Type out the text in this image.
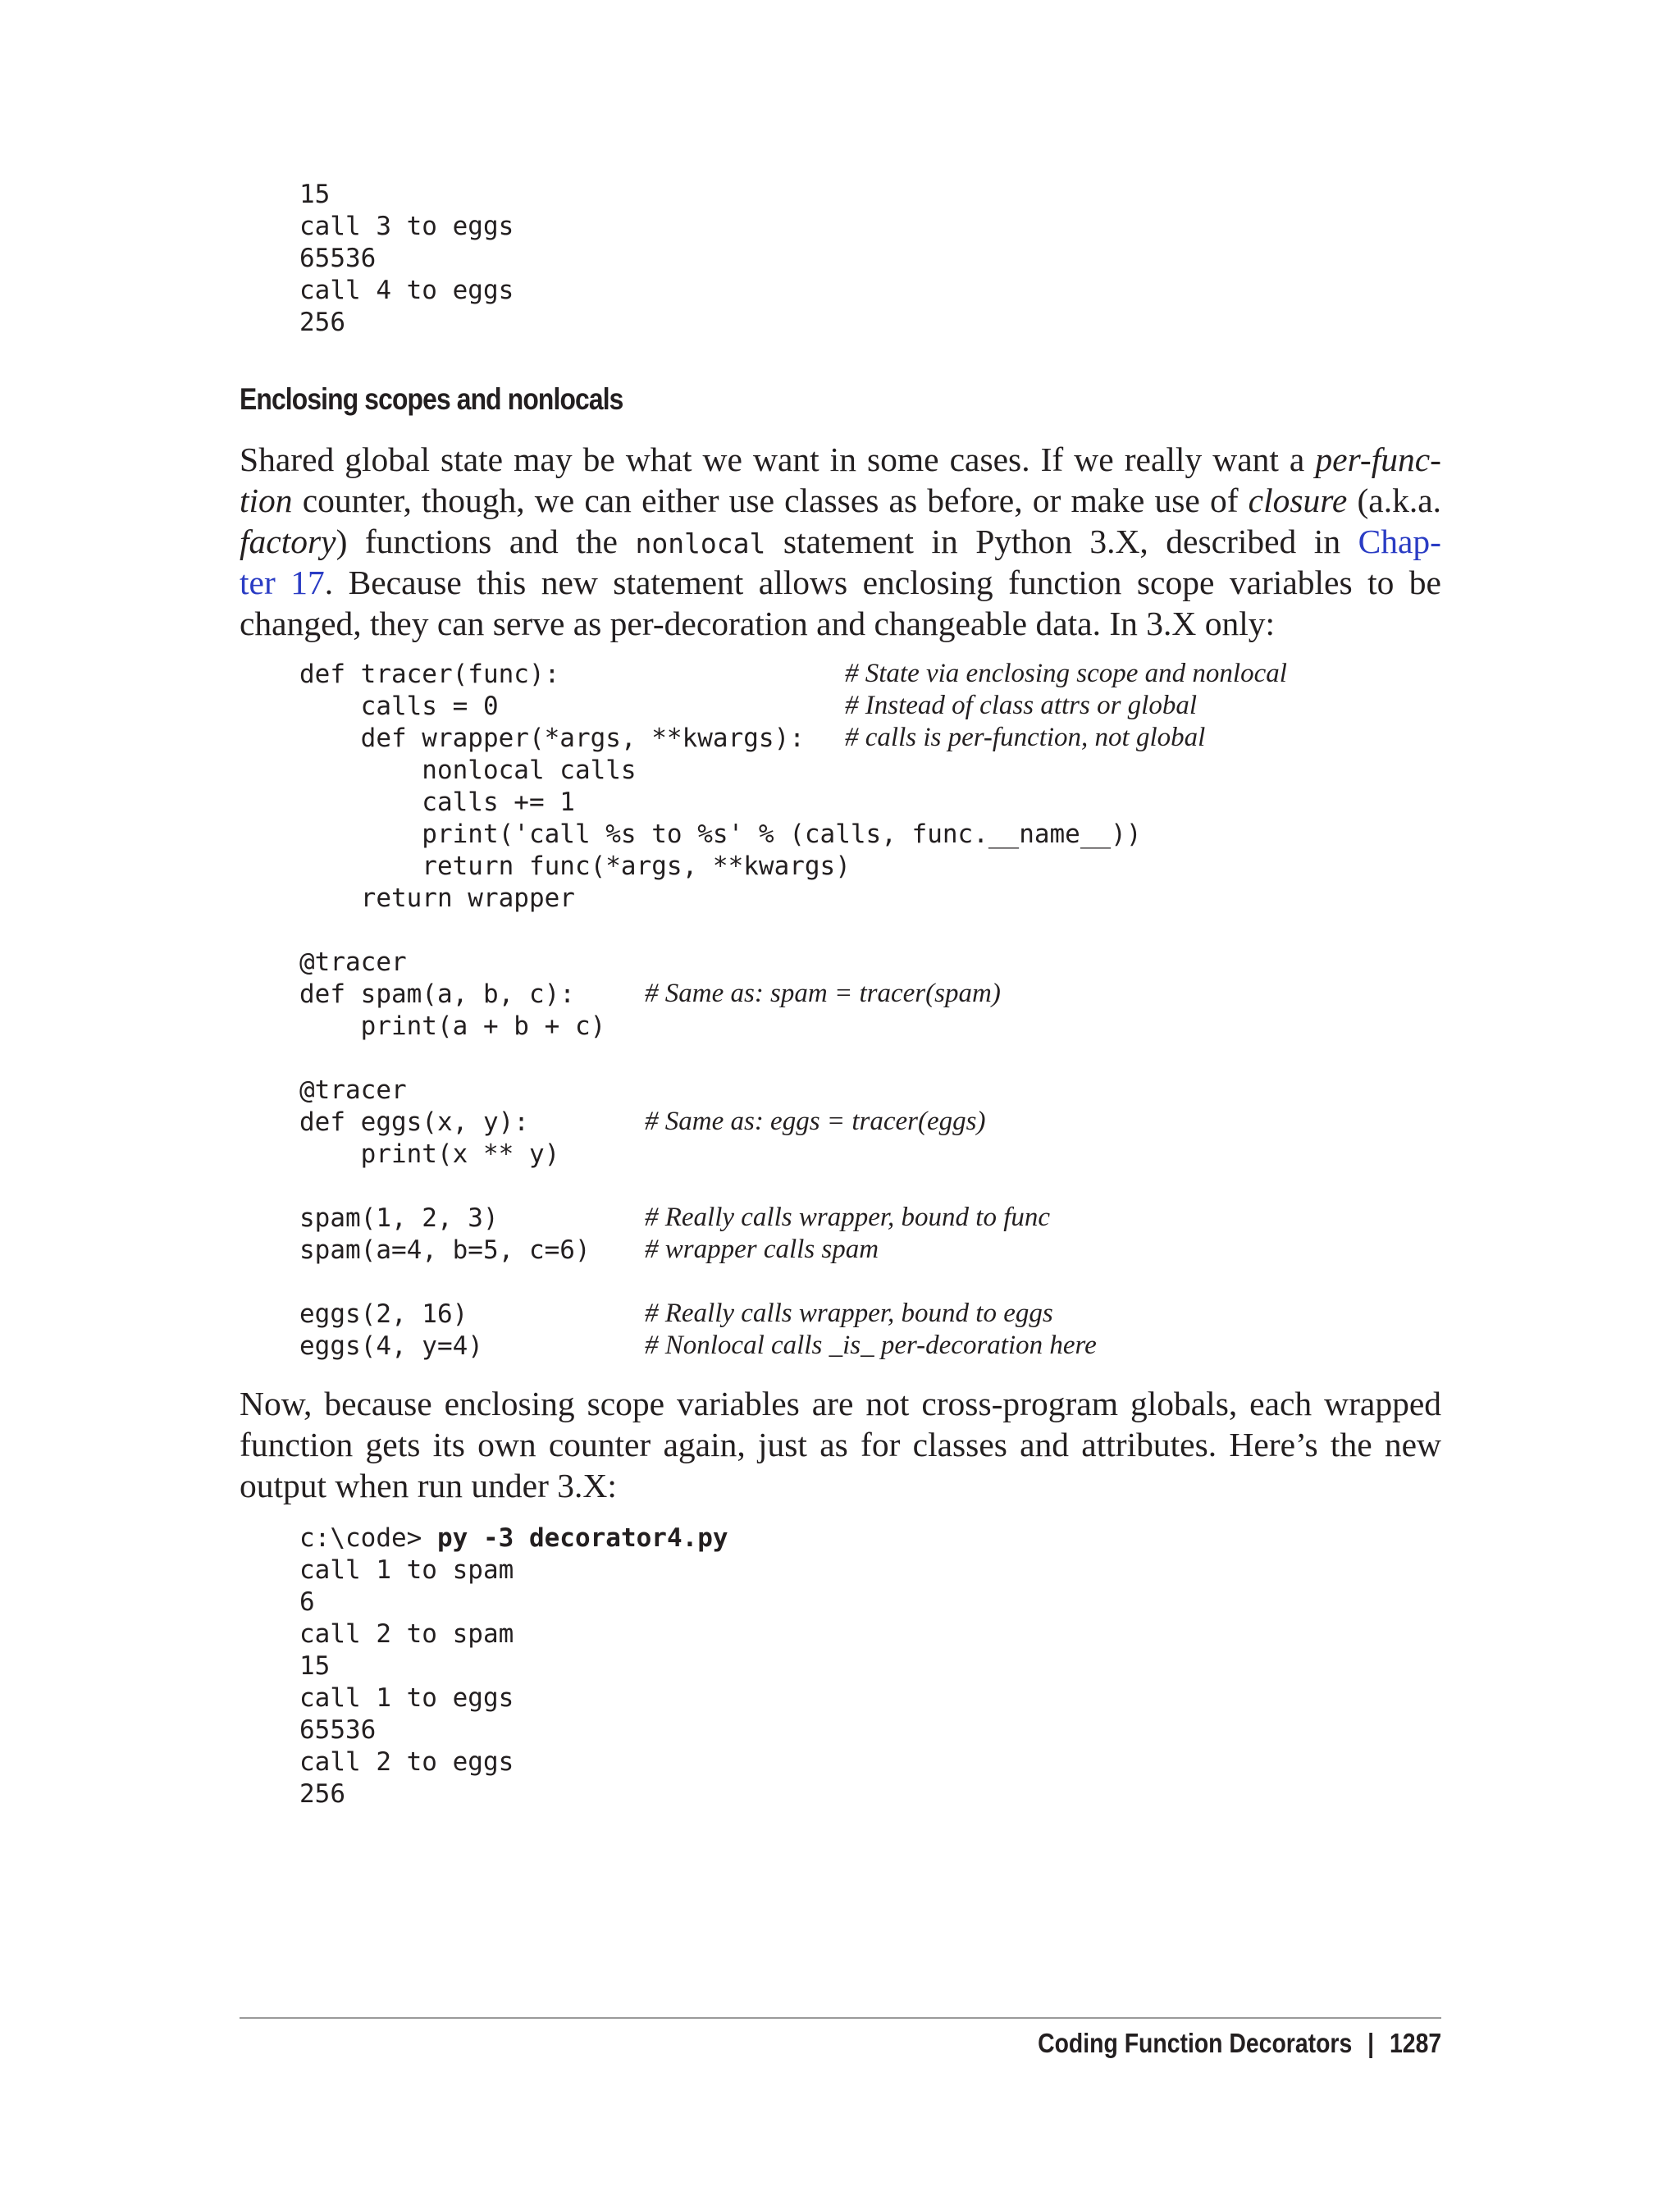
15
call 3 to eggs
65536
call 4 to eggs
256
Enclosing scopes and nonlocals

Shared global state may be what we want in some cases. If we really want a per-func-
tion counter, though, we can either use classes as before, or make use of closure (a.k.a.
factory) functions and the nonlocal statement in Python 3.X, described in Chap-
ter 17. Because this new statement allows enclosing function scope variables to be
changed, they can serve as per-decoration and changeable data. In 3.X only:

def tracer(func):	# State via enclosing scope and nonlocal
calls = 0	# Instead of class attrs or global
def wrapper(*args, **kwargs): # calls is per-function, not global
nonlocal calls
calls += 1
print('call %s to %s' % (calls, func.__name__))
return func(*args, **kwargs)
return wrapper
@tracer
def spam(a, b, c):	# Same as: spam = tracer(spam)
print(a + b + c)
@tracer
def eggs(x, y):	# Same as: eggs = tracer(eggs)
print(x ** y)
spam(1, 2, 3)	# Really calls wrapper, bound to func
spam(a=4, b=5, c=6) # wrapper calls spam
eggs(2, 16)	# Really calls wrapper, bound to eggs
eggs(4, y=4)	# Nonlocal calls _is_ per-decoration here

Now, because enclosing scope variables are not cross-program globals, each wrapped
function gets its own counter again, just as for classes and attributes. Here’s the new
output when run under 3.X:

c:\code> py -3 decorator4.py
call 1 to spam
6
call 2 to spam
15
call 1 to eggs
65536
call 2 to eggs
256
Coding Function Decorators | 1287
